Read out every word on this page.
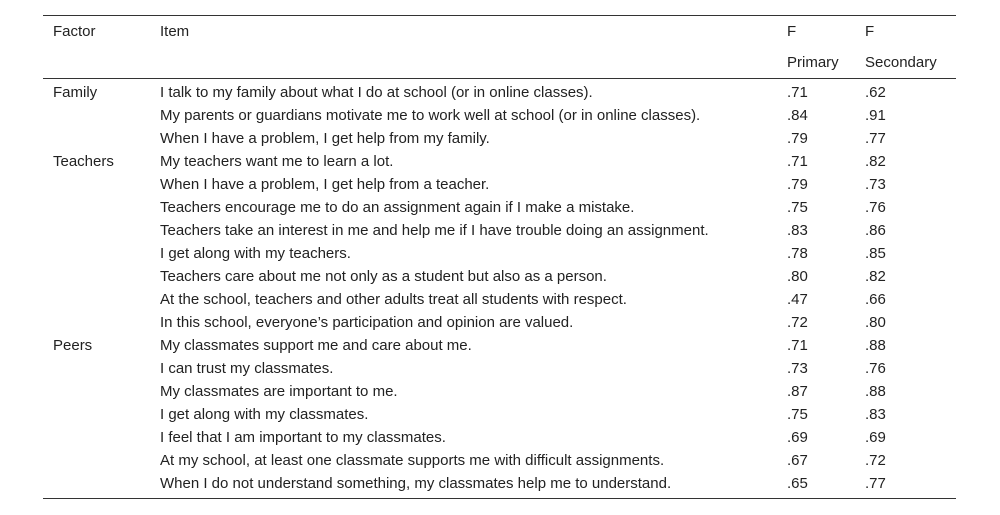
Factor	Item	F	F
		Primary	Secondary
Family	I talk to my family about what I do at school (or in online classes).	.71	.62
	My parents or guardians motivate me to work well at school (or in online classes).	.84	.91
	When I have a problem, I get help from my family.	.79	.77
Teachers	My teachers want me to learn a lot.	.71	.82
	When I have a problem, I get help from a teacher.	.79	.73
	Teachers encourage me to do an assignment again if I make a mistake.	.75	.76
	Teachers take an interest in me and help me if I have trouble doing an assignment.	.83	.86
	I get along with my teachers.	.78	.85
	Teachers care about me not only as a student but also as a person.	.80	.82
	At the school, teachers and other adults treat all students with respect.	.47	.66
	In this school, everyone’s participation and opinion are valued.	.72	.80
Peers	My classmates support me and care about me.	.71	.88
	I can trust my classmates.	.73	.76
	My classmates are important to me.	.87	.88
	I get along with my classmates.	.75	.83
	I feel that I am important to my classmates.	.69	.69
	At my school, at least one classmate supports me with difficult assignments.	.67	.72
	When I do not understand something, my classmates help me to understand.	.65	.77
